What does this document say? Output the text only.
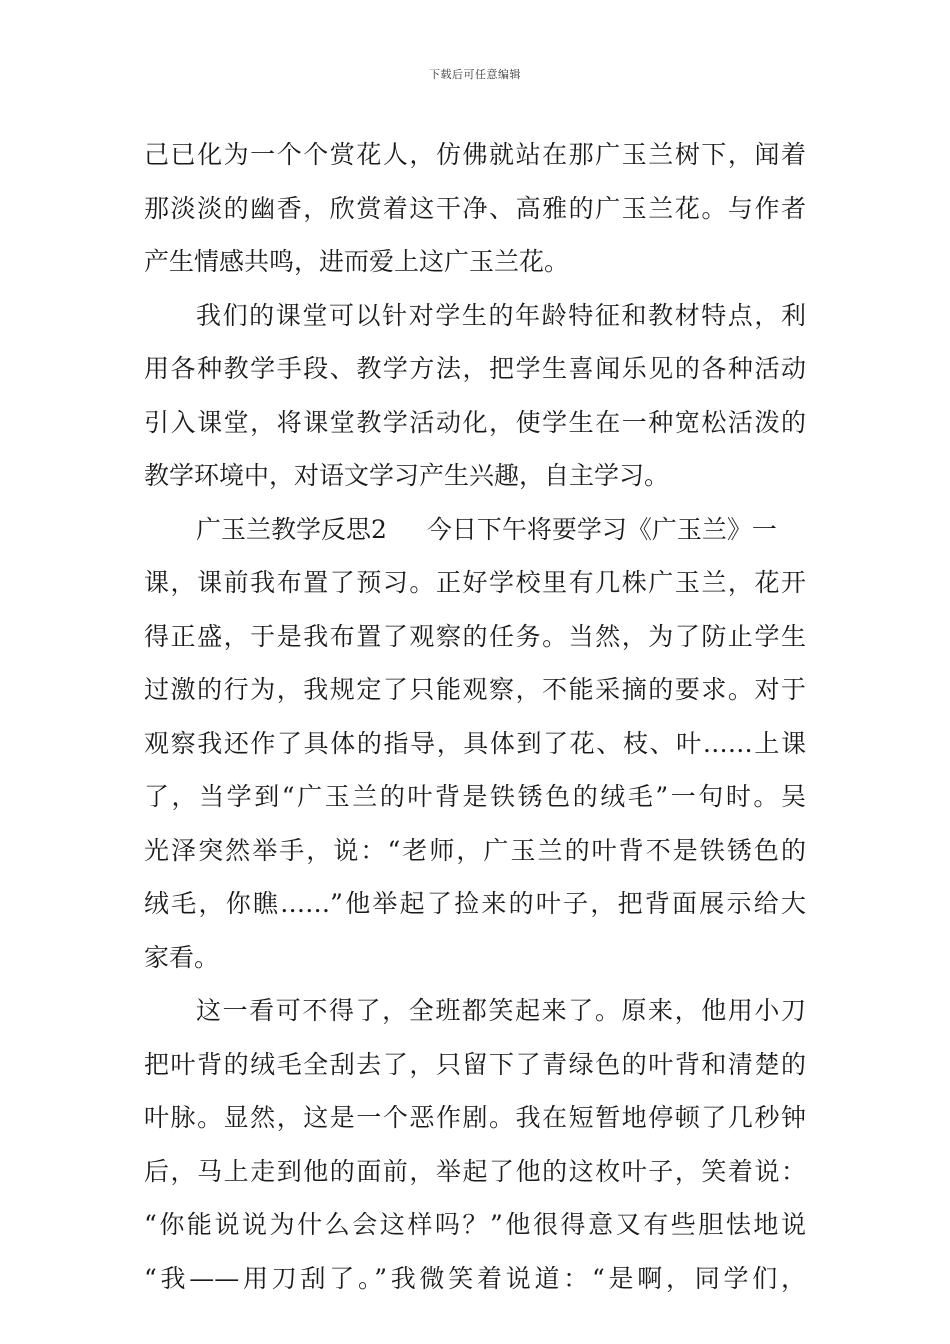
下载后可任意编辑
己已化为一个个赏花人，仿佛就站在那广玉兰树下，闻着
那淡淡的幽香，欣赏着这干净、高雅的广玉兰花。与作者
产生情感共鸣，进而爱上这广玉兰花。
我们的课堂可以针对学生的年龄特征和教材特点，利
用各种教学手段、教学方法，把学生喜闻乐见的各种活动
引入课堂，将课堂教学活动化，使学生在一种宽松活泼的
教学环境中，对语文学习产生兴趣，自主学习。
广玉兰教学反思2 今日下午将要学习《广玉兰》一
课，课前我布置了预习。正好学校里有几株广玉兰，花开
得正盛，于是我布置了观察的任务。当然，为了防止学生
过激的行为，我规定了只能观察，不能采摘的要求。对于
观察我还作了具体的指导，具体到了花、枝、叶……上课
了，当学到“广玉兰的叶背是铁锈色的绒毛”一句时。吴
光泽突然举手，说：“老师，广玉兰的叶背不是铁锈色的
绒毛，你瞧……”他举起了捡来的叶子，把背面展示给大
家看。
这一看可不得了，全班都笑起来了。原来，他用小刀
把叶背的绒毛全刮去了，只留下了青绿色的叶背和清楚的
叶脉。显然，这是一个恶作剧。我在短暂地停顿了几秒钟
后，马上走到他的面前，举起了他的这枚叶子，笑着说：
“你能说说为什么会这样吗？”他很得意又有些胆怯地说
“我——用刀刮了。”我微笑着说道：“是啊，同学们，
